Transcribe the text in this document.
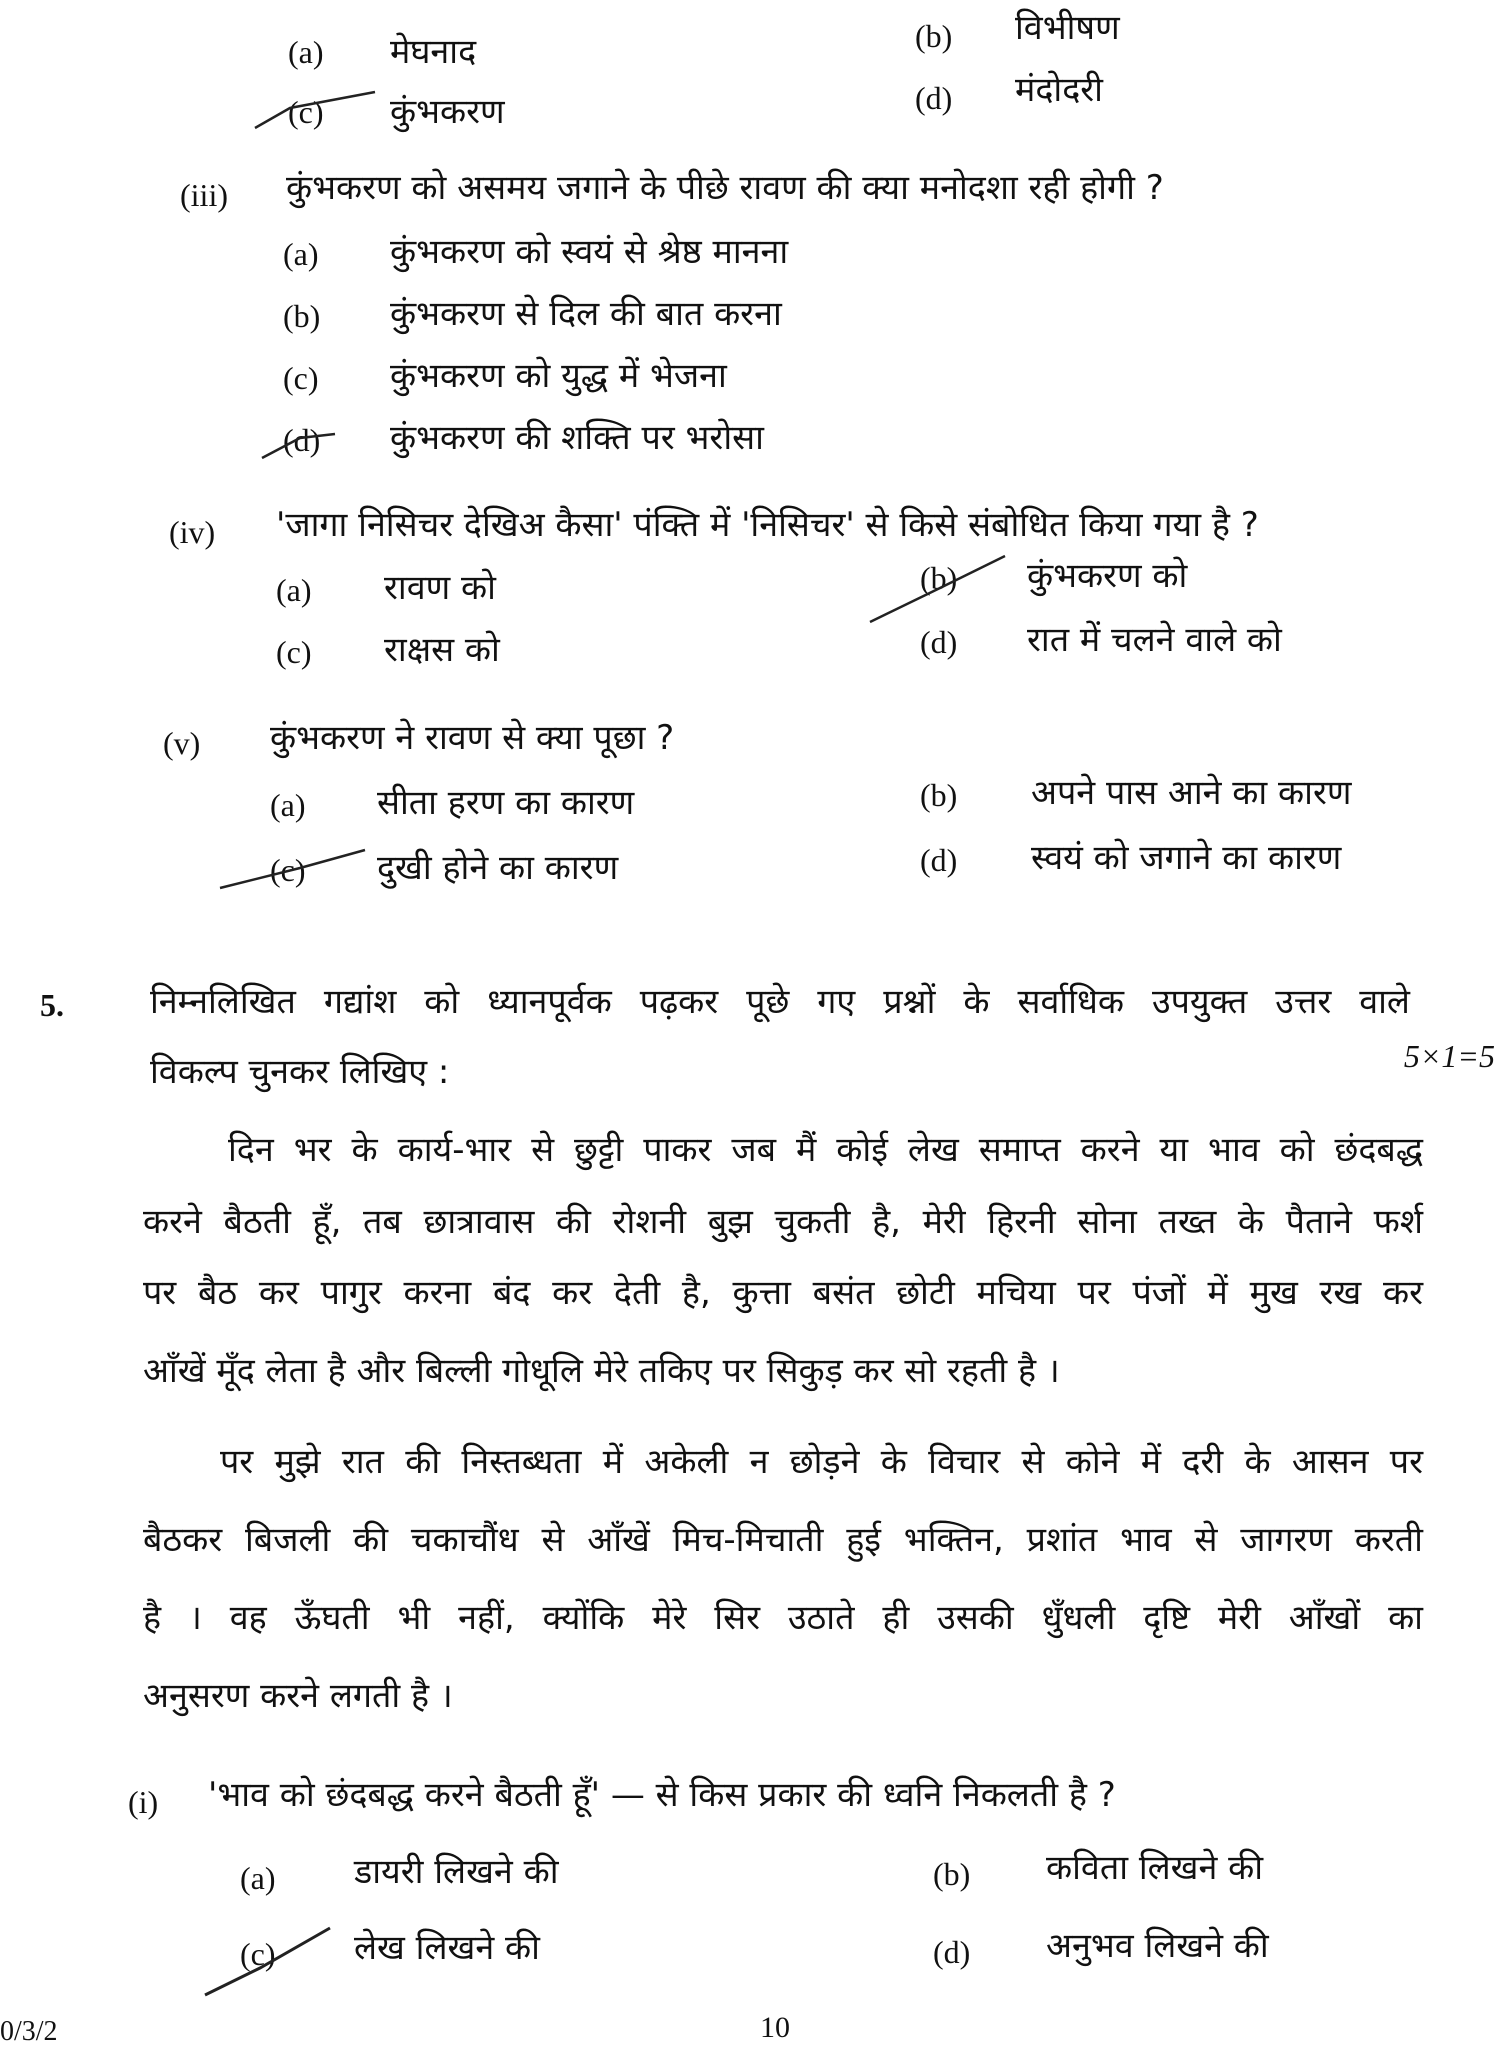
(a) मेघनाद	(b) विभीषण
(c) कुंभकरण	(d) मंदोदरी
(iii) कुंभकरण को असमय जगाने के पीछे रावण की क्या मनोदशा रही होगी ?
(a) कुंभकरण को स्वयं से श्रेष्ठ मानना
(b) कुंभकरण से दिल की बात करना
(c) कुंभकरण को युद्ध में भेजना
(d) कुंभकरण की शक्ति पर भरोसा
(iv) 'जागा निसिचर देखिअ कैसा' पंक्ति में 'निसिचर' से किसे संबोधित किया गया है ?
(a) रावण को	(b) कुंभकरण को
(c) राक्षस को	(d) रात में चलने वाले को
(v) कुंभकरण ने रावण से क्या पूछा ?
(a) सीता हरण का कारण	(b) अपने पास आने का कारण
(c) दुखी होने का कारण	(d) स्वयं को जगाने का कारण
5.	निम्नलिखित गद्यांश को ध्यानपूर्वक पढ़कर पूछे गए प्रश्नों के सर्वाधिक उपयुक्त उत्तर वाले
विकल्प चुनकर लिखिए :	5×1=5
दिन भर के कार्य-भार से छुट्टी पाकर जब मैं कोई लेख समाप्त करने या भाव को छंदबद्ध
करने बैठती हूँ, तब छात्रावास की रोशनी बुझ चुकती है, मेरी हिरनी सोना तख्त के पैताने फर्श
पर बैठ कर पागुर करना बंद कर देती है, कुत्ता बसंत छोटी मचिया पर पंजों में मुख रख कर
आँखें मूँद लेता है और बिल्ली गोधूलि मेरे तकिए पर सिकुड़ कर सो रहती है ।
पर मुझे रात की निस्तब्धता में अकेली न छोड़ने के विचार से कोने में दरी के आसन पर
बैठकर बिजली की चकाचौंध से आँखें मिच-मिचाती हुई भक्तिन, प्रशांत भाव से जागरण करती
है । वह ऊँघती भी नहीं, क्योंकि मेरे सिर उठाते ही उसकी धुँधली दृष्टि मेरी आँखों का
अनुसरण करने लगती है ।
(i) 'भाव को छंदबद्ध करने बैठती हूँ' — से किस प्रकार की ध्वनि निकलती है ?
(a) डायरी लिखने की	(b) कविता लिखने की
(c) लेख लिखने की	(d) अनुभव लिखने की
0/3/2	10
